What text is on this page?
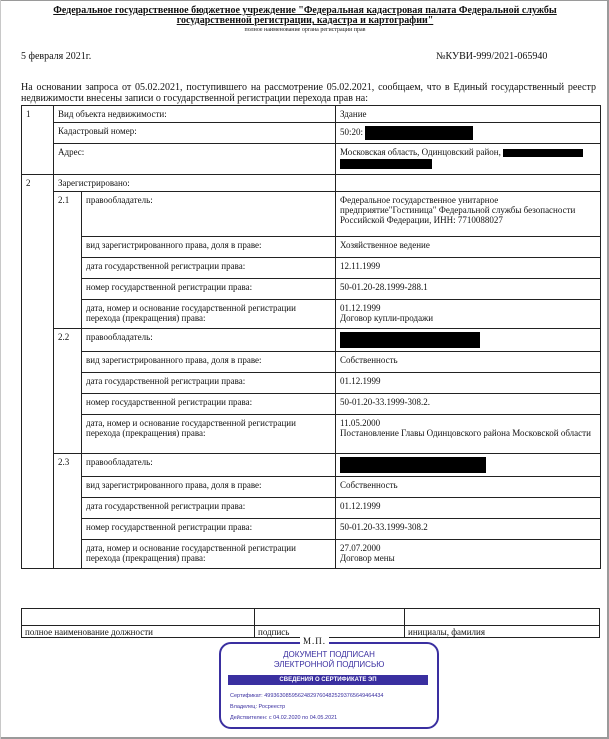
Федеральное государственное бюджетное учреждение "Федеральная кадастровая палата Федеральной службы государственной регистрации, кадастра и картографии"
полное наименование органа регистрации прав
5 февраля 2021г.	№КУВИ-999/2021-065940
На основании запроса от 05.02.2021, поступившего на рассмотрение 05.02.2021, сообщаем, что в Единый государственный реестр недвижимости внесены записи о государственной регистрации перехода прав на:
1	Вид объекта недвижимости:		Здание
	Кадастровый номер:		50:20:
	Адрес:		Московская область, Одинцовский район,

2	Зарегистрировано:		
	2.1	правообладатель:	Федеральное государственное унитарное предприятие"Гостиница" Федеральной службы безопасности Российской Федерации, ИНН: 7710088027
		вид зарегистрированного права, доля в праве:	Хозяйственное ведение
		дата государственной регистрации права:	12.11.1999
		номер государственной регистрации права:	50-01.20-28.1999-288.1
		дата, номер и основание государственной регистрации перехода (прекращения) права:	01.12.1999
Договор купли-продажи

	2.2	правообладатель:	
		вид зарегистрированного права, доля в праве:	Собственность
		дата государственной регистрации права:	01.12.1999
		номер государственной регистрации права:	50-01.20-33.1999-308.2.
		дата, номер и основание государственной регистрации перехода (прекращения) права:	11.05.2000
Постановление Главы Одинцовского района Московской области

	2.3	правообладатель:	
		вид зарегистрированного права, доля в праве:	Собственность
		дата государственной регистрации права:	01.12.1999
		номер государственной регистрации права:	50-01.20-33.1999-308.2
		дата, номер и основание государственной регистрации перехода (прекращения) права:	27.07.2000
Договор мены

полное наименование должности	подпись	инициалы, фамилия
ДОКУМЕНТ ПОДПИСАН
ЭЛЕКТРОННОЙ ПОДПИСЬЮ
СВЕДЕНИЯ О СЕРТИФИКАТЕ ЭП
Сертификат: 499363085956248297604825293765649464434
Владелец: Росреестр
Действителен: с 04.02.2020 по 04.05.2021
М.П.
